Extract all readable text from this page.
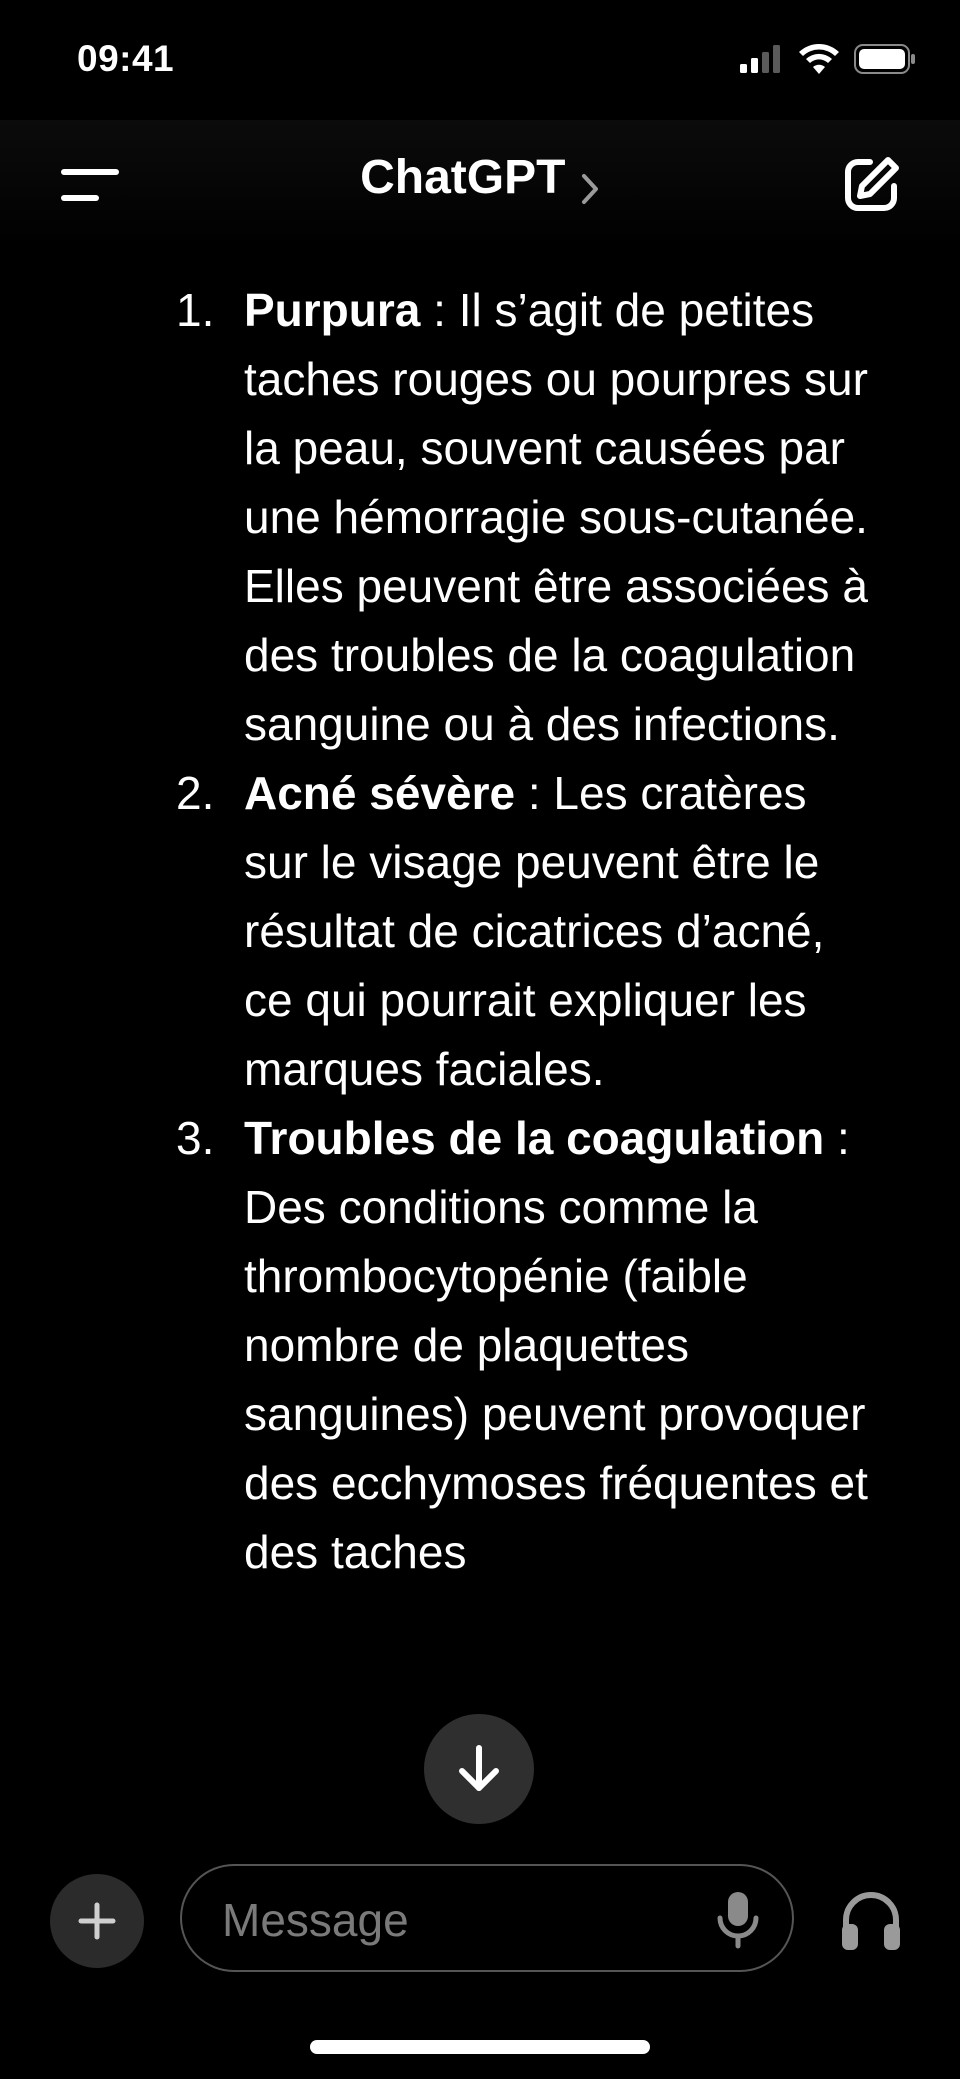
09:41
ChatGPT
1. Purpura : Il s’agit de petites taches rouges ou pourpres sur la peau, souvent causées par une hémorragie sous-cutanée. Elles peuvent être associées à des troubles de la coagulation sanguine ou à des infections.
2. Acné sévère : Les cratères sur le visage peuvent être le résultat de cicatrices d’acné, ce qui pourrait expliquer les marques faciales.
3. Troubles de la coagulation : Des conditions comme la thrombocytopénie (faible nombre de plaquettes sanguines) peuvent provoquer des ecchymoses fréquentes et des taches
Message
